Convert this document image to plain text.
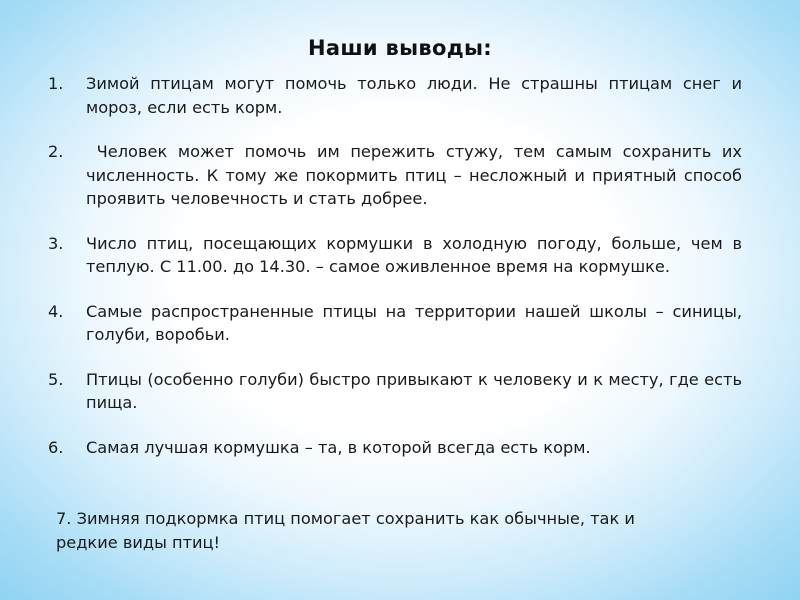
Наши выводы:
1. Зимой птицам могут помочь только люди. Не страшны птицам снег и мороз, если есть корм.
2. Человек может помочь им пережить стужу, тем самым сохранить их численность. К тому же покормить птиц – несложный и приятный способ проявить человечность и стать добрее.
3. Число птиц, посещающих кормушки в холодную погоду, больше, чем в теплую. С 11.00. до 14.30. – самое оживленное время на кормушке.
4. Самые распространенные птицы на территории нашей школы – синицы, голуби, воробьи.
5. Птицы (особенно голуби) быстро привыкают к человеку и к месту, где есть пища.
6. Самая лучшая кормушка – та, в которой всегда есть корм.
7. Зимняя подкормка птиц помогает сохранить как обычные, так и редкие виды птиц!
